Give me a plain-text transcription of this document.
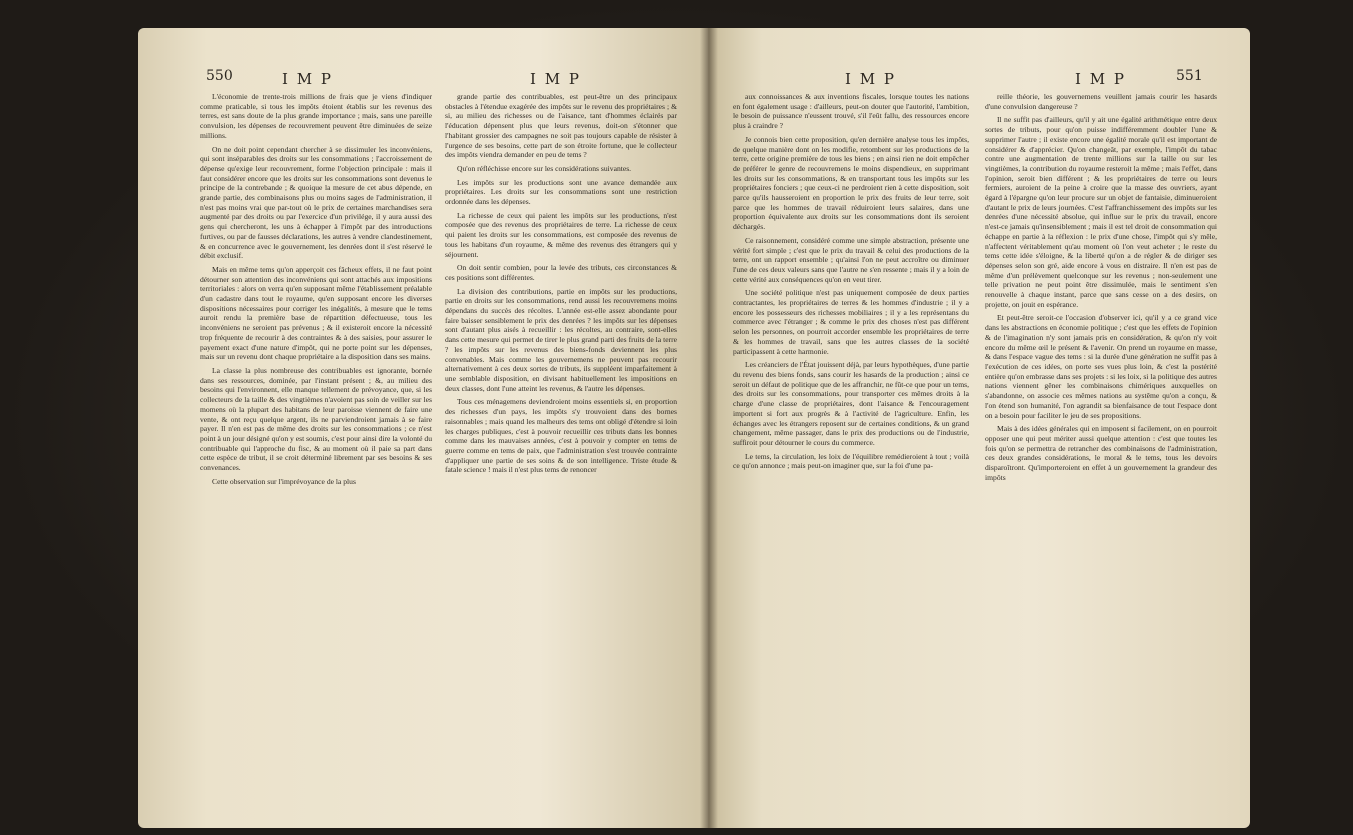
550	I M P	I M P	I M P	I M P	551

L'économie de trente-trois millions de frais que je viens d'indiquer comme praticable, si tous les impôts étoient établis sur les revenus des terres, est sans doute de la plus grande importance ; mais, sans une pareille convulsion, les dépenses de recouvrement peuvent être diminuées de seize millions.

On ne doit point cependant chercher à se dissimuler les inconvéniens, qui sont inséparables des droits sur les consommations ; l'accroissement de dépense qu'exige leur recouvrement, forme l'objection principale : mais il faut considérer encore que les droits sur les consommations sont devenus le principe de la contrebande ; & quoique la mesure de cet abus dépende, en grande partie, des combinaisons plus ou moins sages de l'administration, il n'est pas moins vrai que par-tout où le prix de certaines marchandises sera augmenté par des droits ou par l'exercice d'un privilége, il y aura aussi des gens qui chercheront, les uns à échapper à l'impôt par des introductions furtives, ou par de fausses déclarations, les autres à vendre clandestinement, & en concurrence avec le gouvernement, les denrées dont il s'est réservé le débit exclusif.

Mais en même tems qu'on apperçoit ces fâcheux effets, il ne faut point détourner son attention des inconvéniens qui sont attachés aux impositions territoriales : alors on verra qu'en supposant même l'établissement préalable d'un cadastre dans tout le royaume, qu'en supposant encore les diverses dispositions nécessaires pour corriger les inégalités, à mesure que le tems auroit rendu la première base de répartition défectueuse, tous les inconvéniens ne seroient pas prévenus ; & il existeroit encore la nécessité trop fréquente de recourir à des contraintes & à des saisies, pour assurer le payement exact d'une nature d'impôt, qui ne porte point sur les dépenses, mais sur un revenu dont chaque propriétaire a la disposition dans ses mains.

La classe la plus nombreuse des contribuables est ignorante, bornée dans ses ressources, dominée, par l'instant présent ; &, au milieu des besoins qui l'environnent, elle manque tellement de prévoyance, que, si les collecteurs de la taille & des vingtièmes n'avoient pas soin de veiller sur les momens où la plupart des habitans de leur paroisse viennent de faire une vente, & ont reçu quelque argent, ils ne parviendroient jamais à se faire payer. Il n'en est pas de même des droits sur les consommations ; ce n'est point à un jour désigné qu'on y est soumis, c'est pour ainsi dire la volonté du contribuable qui l'approche du fisc, & au moment où il paie sa part dans cette espèce de tribut, il se croit déterminé librement par ses besoins & ses convenances.

Cette observation sur l'imprévoyance de la plus

grande partie des contribuables, est peut-être un des principaux obstacles à l'étendue exagérée des impôts sur le revenu des propriétaires ; & si, au milieu des richesses ou de l'aisance, tant d'hommes éclairés par l'éducation dépensent plus que leurs revenus, doit-on s'étonner que l'habitant grossier des campagnes ne soit pas toujours capable de résister à l'urgence de ses besoins, cette part de son étroite fortune, que le collecteur des impôts viendra demander en peu de tems ?

Qu'on réfléchisse encore sur les considérations suivantes.

Les impôts sur les productions sont une avance demandée aux propriétaires. Les droits sur les consommations sont une restriction ordonnée dans les dépenses.

La richesse de ceux qui paient les impôts sur les productions, n'est composée que des revenus des propriétaires de terre. La richesse de ceux qui paient les droits sur les consommations, est composée des revenus de tous les habitans d'un royaume, & même des revenus des étrangers qui y séjournent.

On doit sentir combien, pour la levée des tributs, ces circonstances & ces positions sont différentes.

La division des contributions, partie en impôts sur les productions, partie en droits sur les consommations, rend aussi les recouvremens moins dépendans du succès des récoltes. L'année est-elle assez abondante pour faire baisser sensiblement le prix des denrées ? les impôts sur les dépenses sont d'autant plus aisés à recueillir : les récoltes, au contraire, sont-elles dans cette mesure qui permet de tirer le plus grand parti des fruits de la terre ? les impôts sur les revenus des biens-fonds deviennent les plus convenables. Mais comme les gouvernemens ne peuvent pas recourir alternativement à ces deux sortes de tributs, ils suppléent imparfaitement à une semblable disposition, en divisant habituellement les impositions en deux classes, dont l'une atteint les revenus, & l'autre les dépenses.

Tous ces ménagemens deviendroient moins essentiels si, en proportion des richesses d'un pays, les impôts s'y trouvoient dans des bornes raisonnables ; mais quand les malheurs des tems ont obligé d'étendre si loin les charges publiques, c'est à pouvoir recueillir ces tributs dans les bonnes comme dans les mauvaises années, c'est à pouvoir y compter en tems de guerre comme en tems de paix, que l'administration s'est trouvée contrainte d'appliquer une partie de ses soins & de son intelligence. Triste étude & fatale science ! mais il n'est plus tems de renoncer

aux connoissances & aux inventions fiscales, lorsque toutes les nations en font également usage : d'ailleurs, peut-on douter que l'autorité, l'ambition, le besoin de puissance n'eussent trouvé, s'il l'eût fallu, des ressources encore plus à craindre ?

Je connois bien cette proposition, qu'en dernière analyse tous les impôts, de quelque manière dont on les modifie, retombent sur les productions de la terre, cette origine première de tous les biens ; en ainsi rien ne doit empêcher de préférer le genre de recouvremens le moins dispendieux, en supprimant les droits sur les consommations, & en transportant tous les impôts sur les propriétaires fonciers ; que ceux-ci ne perdroient rien à cette disposition, soit parce qu'ils hausseroient en proportion le prix des fruits de leur terre, soit parce que les hommes de travail réduiroient leurs salaires, dans une proportion équivalente aux droits sur les consommations dont ils seroient déchargés.

Ce raisonnement, considéré comme une simple abstraction, présente une vérité fort simple ; c'est que le prix du travail & celui des productions de la terre, ont un rapport ensemble ; qu'ainsi l'on ne peut accroître ou diminuer l'une de ces deux valeurs sans que l'autre ne s'en ressente ; mais il y a loin de cette vérité aux conséquences qu'on en veut tirer.

Une société politique n'est pas uniquement composée de deux parties contractantes, les propriétaires de terres & les hommes d'industrie ; il y a encore les possesseurs des richesses mobiliaires ; il y a les représentans du commerce avec l'étranger ; & comme le prix des choses n'est pas différent selon les personnes, on pourroit accorder ensemble les propriétaires de terre & les hommes de travail, sans que les autres classes de la société participassent à cette harmonie.

Les créanciers de l'État jouissent déjà, par leurs hypothèques, d'une partie du revenu des biens fonds, sans courir les hasards de la production ; ainsi ce seroit un défaut de politique que de les affranchir, ne fût-ce que pour un tems, des droits sur les consommations, pour transporter ces mêmes droits à la charge d'une classe de propriétaires, dont l'aisance & l'encouragement importent si fort aux progrès & à l'activité de l'agriculture. Enfin, les échanges avec les étrangers reposent sur de certaines conditions, & un grand changement, même passager, dans le prix des productions ou de l'industrie, suffiroit pour détourner le cours du commerce.

Le tems, la circulation, les loix de l'équilibre remédieroient à tout ; voilà ce qu'on annonce ; mais peut-on imaginer que, sur la foi d'une pa-

reille théorie, les gouvernemens veuillent jamais courir les hasards d'une convulsion dangereuse ?

Il ne suffit pas d'ailleurs, qu'il y ait une égalité arithmétique entre deux sortes de tributs, pour qu'on puisse indifféremment doubler l'une & supprimer l'autre ; il existe encore une égalité morale qu'il est important de considérer & d'apprécier. Qu'on changeât, par exemple, l'impôt du tabac contre une augmentation de trente millions sur la taille ou sur les vingtièmes, la contribution du royaume resteroit la même ; mais l'effet, dans l'opinion, seroit bien différent ; & les propriétaires de terre ou leurs fermiers, auroient de la peine à croire que la masse des ouvriers, ayant égard à l'épargne qu'on leur procure sur un objet de fantaisie, diminueroient d'autant le prix de leurs journées. C'est l'affranchissement des impôts sur les denrées d'une nécessité absolue, qui influe sur le prix du travail, encore n'est-ce jamais qu'insensiblement ; mais il est tel droit de consommation qui échappe en partie à la réflexion : le prix d'une chose, l'impôt qui s'y mêle, n'affectent véritablement qu'au moment où l'on veut acheter ; le reste du tems cette idée s'éloigne, & la liberté qu'on a de régler & de diriger ses dépenses selon son gré, aide encore à vous en distraire. Il n'en est pas de même d'un prélèvement quelconque sur les revenus ; non-seulement une telle privation ne peut point être dissimulée, mais le sentiment s'en renouvelle à chaque instant, parce que sans cesse on a des desirs, on projette, on jouit en espérance.

Et peut-être seroit-ce l'occasion d'observer ici, qu'il y a ce grand vice dans les abstractions en économie politique ; c'est que les effets de l'opinion & de l'imagination n'y sont jamais pris en considération, & qu'on n'y voit encore du même œil le présent & l'avenir. On prend un royaume en masse, & dans l'espace vague des tems : si la durée d'une génération ne suffit pas à l'exécution de ces idées, on porte ses vues plus loin, & c'est la postérité entière qu'on embrasse dans ses projets : si les loix, si la politique des autres nations viennent gêner les combinaisons chimériques auxquelles on s'abandonne, on associe ces mêmes nations au systême qu'on a conçu, & l'on étend son humanité, l'on agrandit sa bienfaisance de tout l'espace dont on a besoin pour faciliter le jeu de ses propositions.

Mais à des idées générales qui en imposent si facilement, on en pourroit opposer une qui peut mériter aussi quelque attention : c'est que toutes les fois qu'on se permettra de retrancher des combinaisons de l'administration, ces deux grandes considérations, le moral & le tems, tous les devoirs disparoîtront. Qu'importeroient en effet à un gouvernement la grandeur des impôts
